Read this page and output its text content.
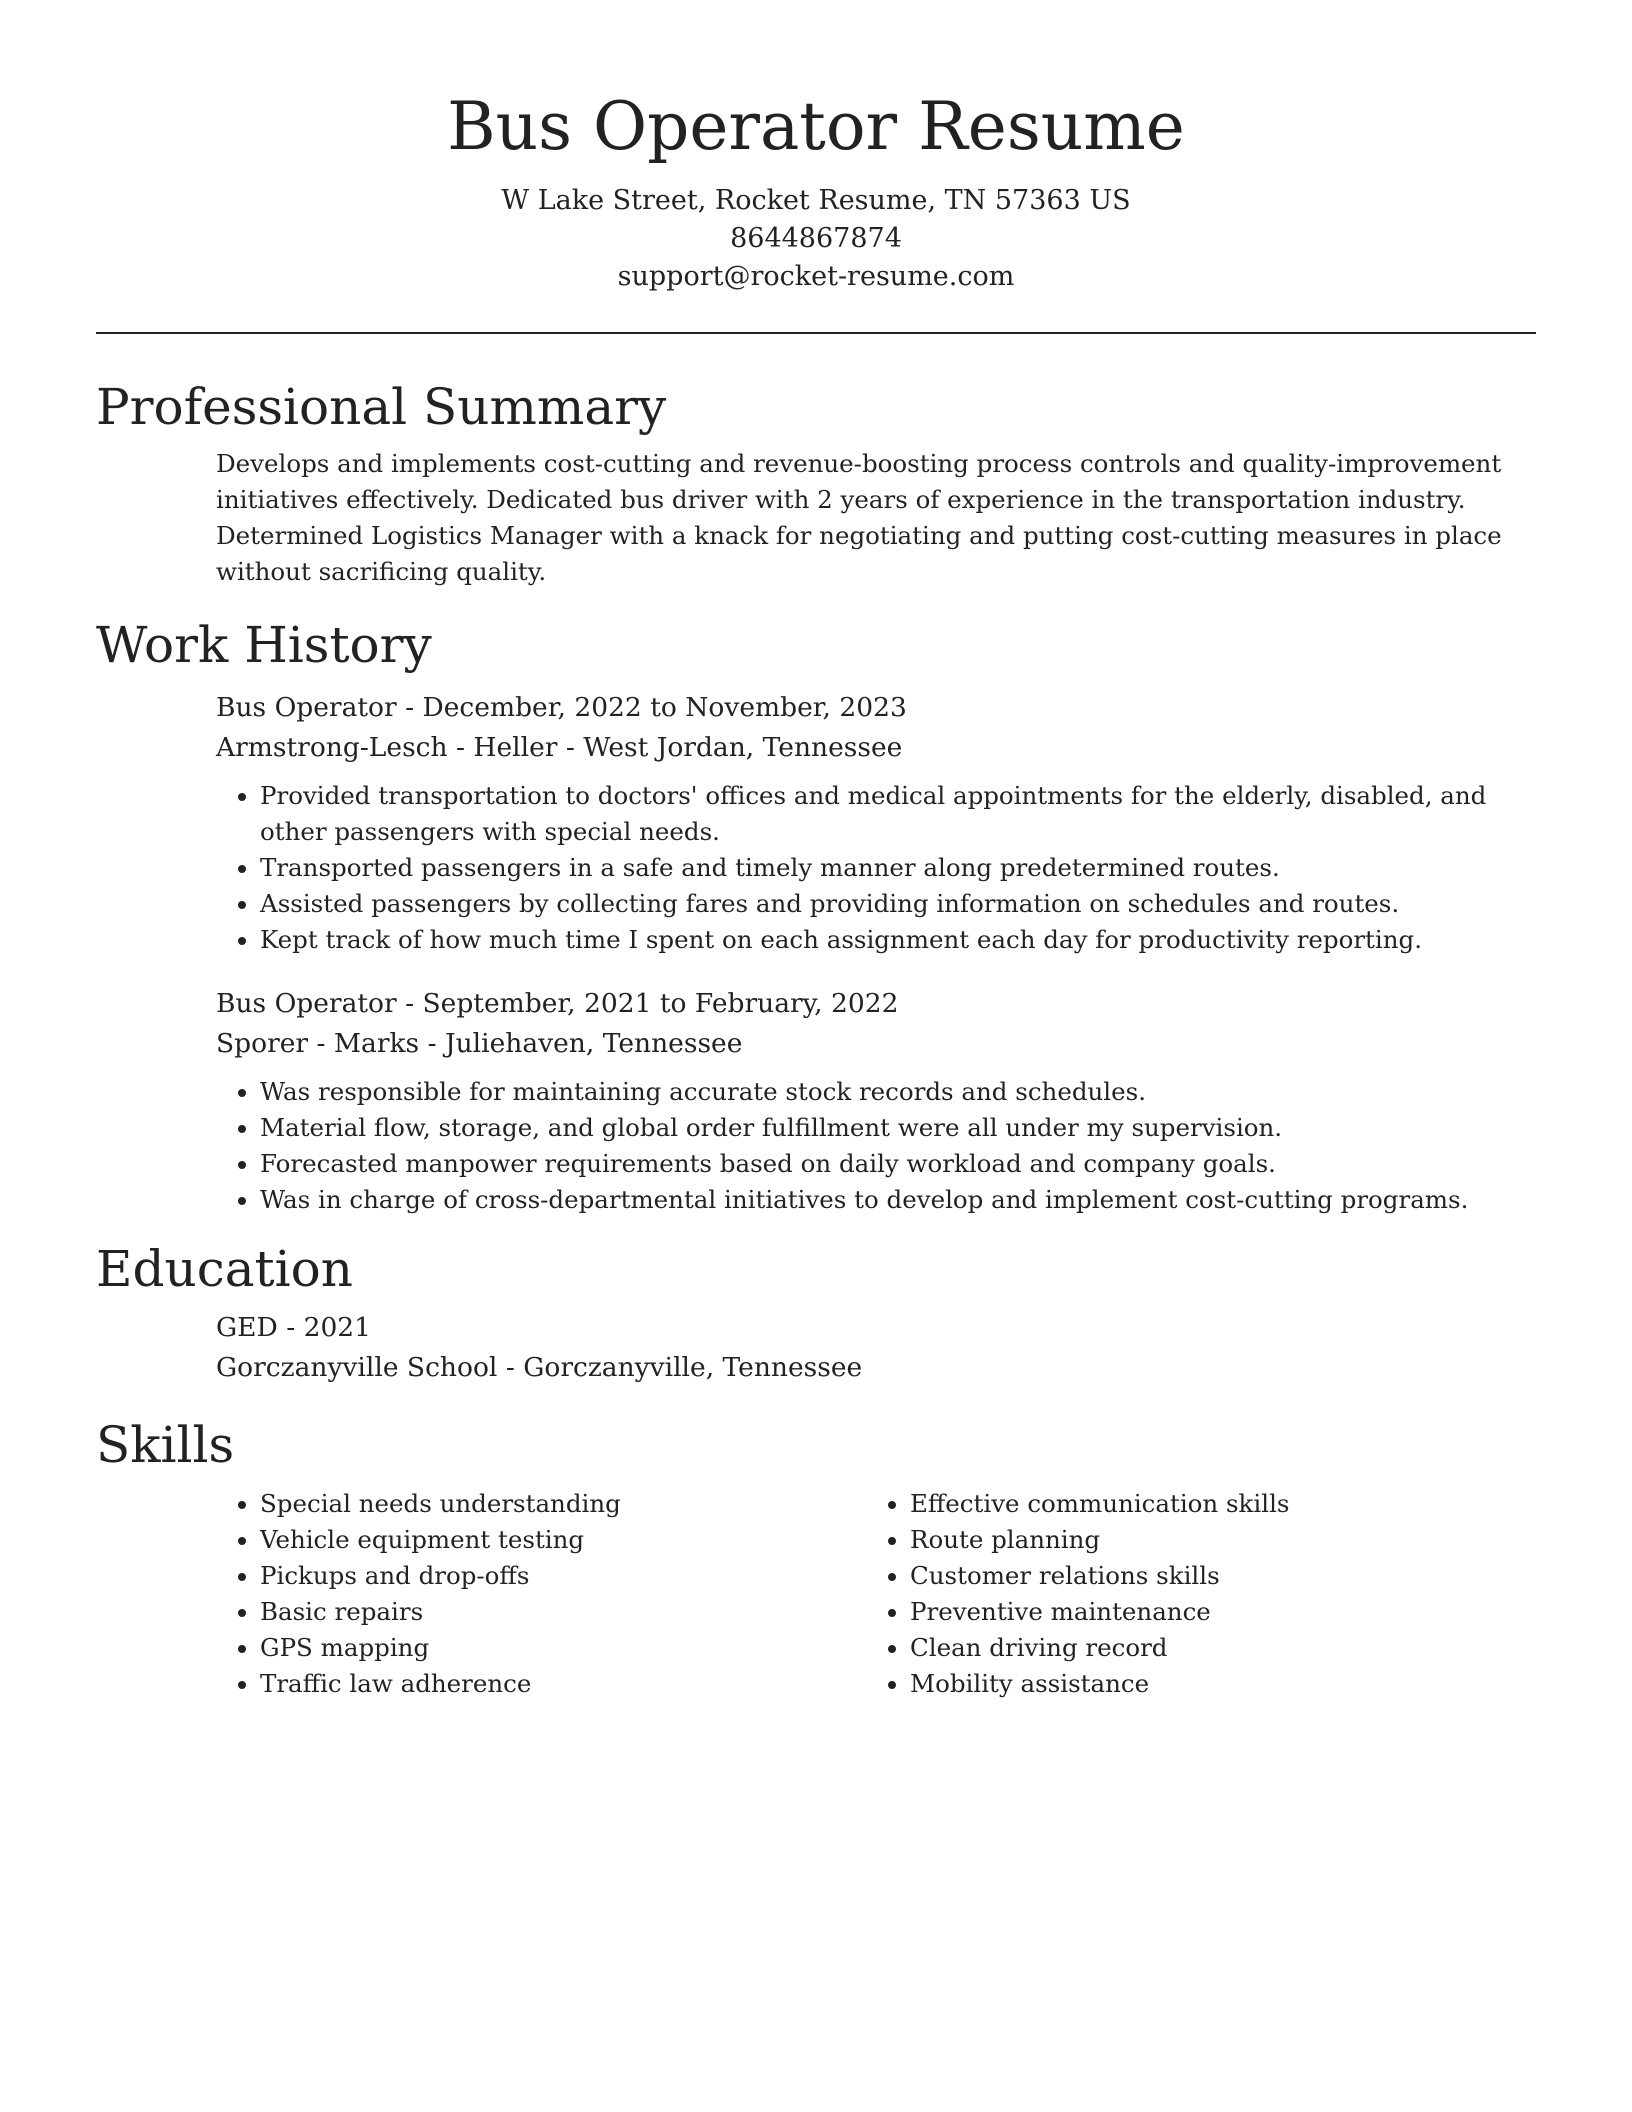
Bus Operator Resume

W Lake Street, Rocket Resume, TN 57363 US

8644867874

support@rocket-resume.com

Professional Summary

Develops and implements cost-cutting and revenue-boosting process controls and quality-improvement initiatives effectively. Dedicated bus driver with 2 years of experience in the transportation industry. Determined Logistics Manager with a knack for negotiating and putting cost-cutting measures in place without sacrificing quality.

Work History

Bus Operator - December, 2022 to November, 2023

Armstrong-Lesch - Heller - West Jordan, Tennessee

• Provided transportation to doctors' offices and medical appointments for the elderly, disabled, and other passengers with special needs.
• Transported passengers in a safe and timely manner along predetermined routes.
• Assisted passengers by collecting fares and providing information on schedules and routes.
• Kept track of how much time I spent on each assignment each day for productivity reporting.

Bus Operator - September, 2021 to February, 2022

Sporer - Marks - Juliehaven, Tennessee

• Was responsible for maintaining accurate stock records and schedules.
• Material flow, storage, and global order fulfillment were all under my supervision.
• Forecasted manpower requirements based on daily workload and company goals.
• Was in charge of cross-departmental initiatives to develop and implement cost-cutting programs.
Education

GED - 2021

Gorczanyville School - Gorczanyville, Tennessee

Skills
• Special needs understanding
• Vehicle equipment testing
• Pickups and drop-offs
• Basic repairs
• GPS mapping
• Traffic law adherence
• Effective communication skills
• Route planning
• Customer relations skills
• Preventive maintenance
• Clean driving record
• Mobility assistance
